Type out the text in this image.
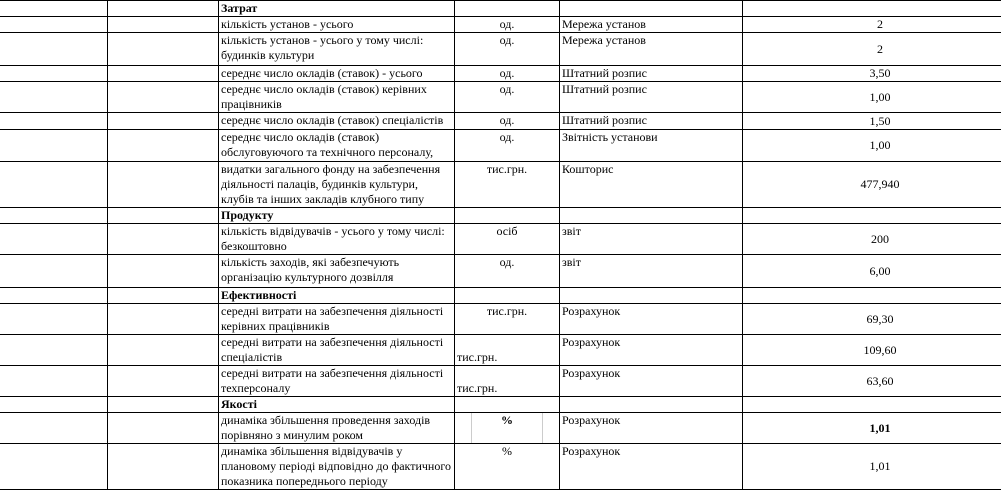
		Затрат			
		кількість установ - усього	од.	Мережа установ	2
		кількість установ - усього у тому числі: будинків культури	од.	Мережа установ	2
		середнє число окладів (ставок) - усього	од.	Штатний розпис	3,50
		середнє число окладів (ставок) керівних працівників	од.	Штатний розпис	1,00
		середнє число окладів (ставок) спеціалістів	од.	Штатний розпис	1,50
		середнє число окладів (ставок) обслуговуючого та технічного персоналу,	од.	Звітність установи	1,00
		видатки загального фонду на забезпечення діяльності палаців, будинків культури, клубів та інших закладів клубного типу	тис.грн.	Кошторис	477,940
		Продукту			
		кількість відвідувачів - усього у тому числі: безкоштовно	осіб	звіт	200
		кількість заходів, які забезпечують організацію культурного дозвілля	од.	звіт	6,00
		Ефективності			
		середні витрати на забезпечення діяльності керівних працівників	тис.грн.	Розрахунок	69,30
		середні витрати на забезпечення діяльності спеціалістів	тис.грн.	Розрахунок	109,60
		середні витрати на забезпечення діяльності техперсоналу	тис.грн.	Розрахунок	63,60
		Якості			
		динаміка збільшення проведення заходів порівняно з минулим роком	%	Розрахунок	1,01
		динаміка збільшення відвідувачів у плановому періоді відповідно до фактичного показника попереднього періоду	%	Розрахунок	1,01
